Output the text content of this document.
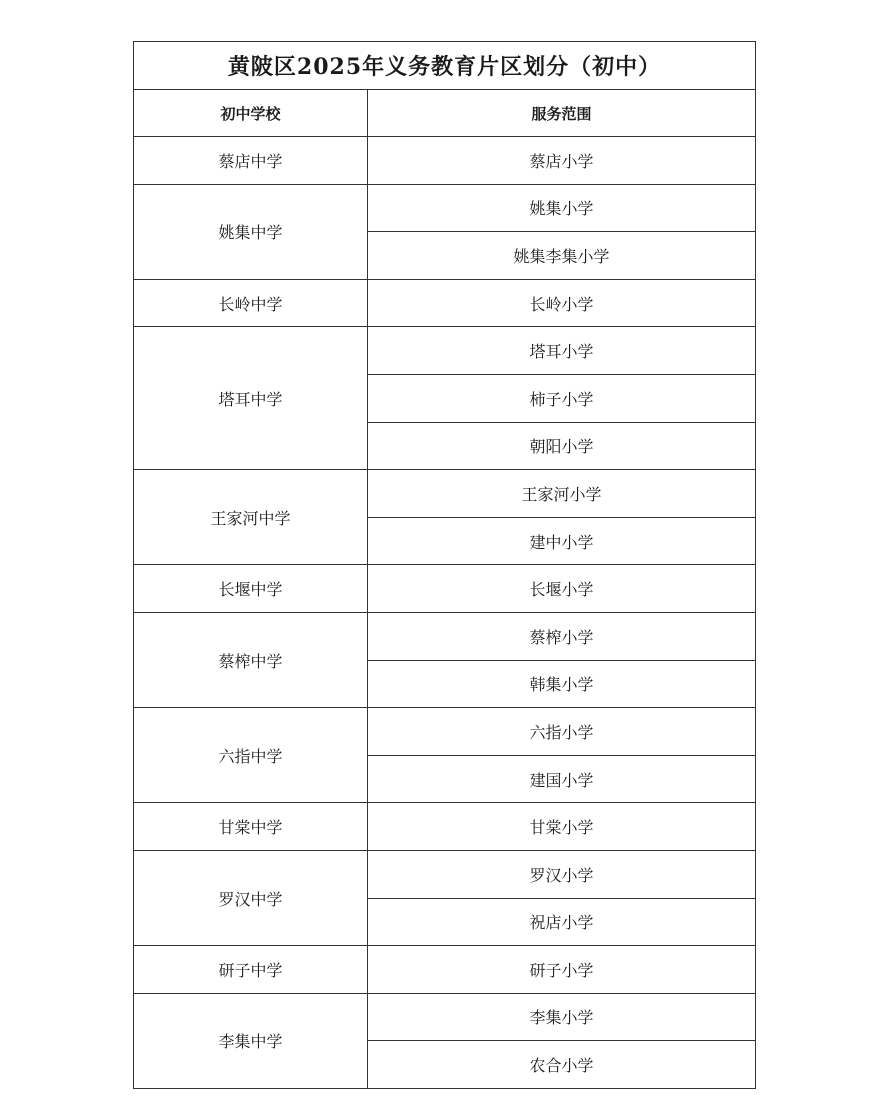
黄陂区2025年义务教育片区划分（初中）	
初中学校	服务范围
蔡店中学	蔡店小学
姚集中学	姚集小学
	姚集李集小学
长岭中学	长岭小学
塔耳中学	塔耳小学
	柿子小学
	朝阳小学
王家河中学	王家河小学
	建中小学
长堰中学	长堰小学
蔡榨中学	蔡榨小学
	韩集小学
六指中学	六指小学
	建国小学
甘棠中学	甘棠小学
罗汉中学	罗汉小学
	祝店小学
研子中学	研子小学
李集中学	李集小学
	农合小学
